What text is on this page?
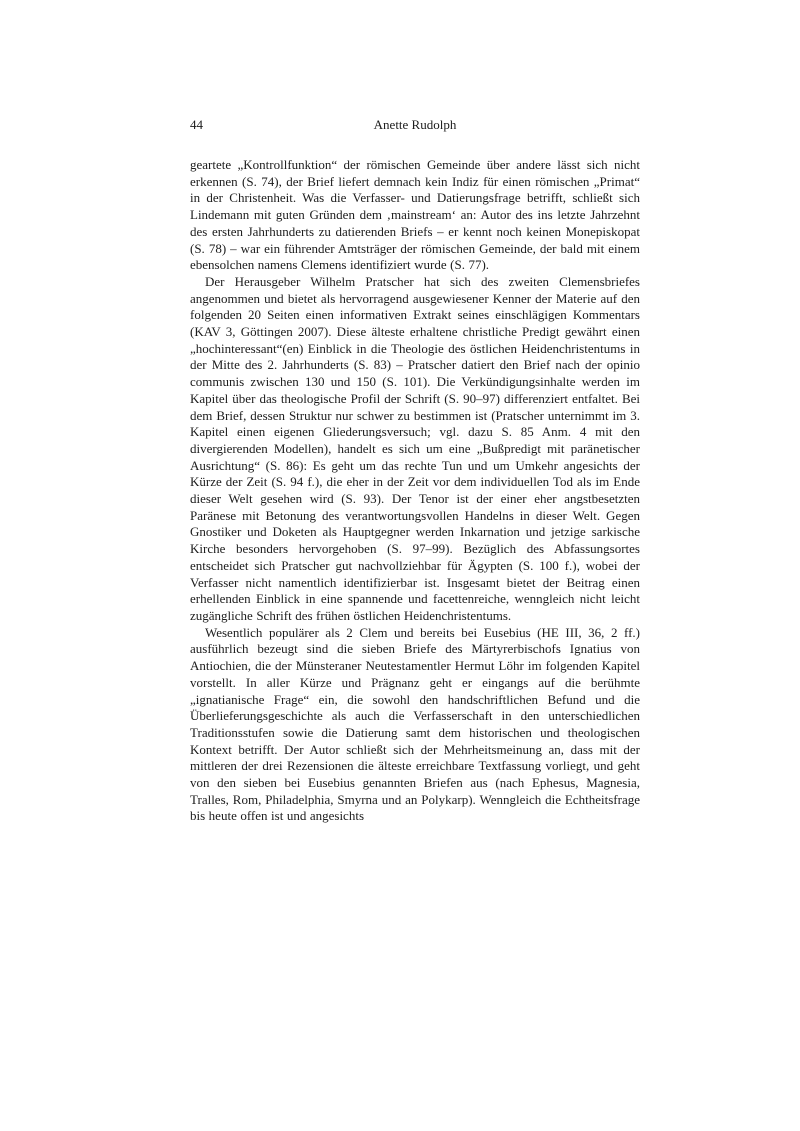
44	Anette Rudolph

geartete „Kontrollfunktion“ der römischen Gemeinde über andere lässt sich nicht erkennen (S. 74), der Brief liefert demnach kein Indiz für einen römischen „Primat“ in der Christenheit. Was die Verfasser- und Datierungsfrage betrifft, schließt sich Lindemann mit guten Gründen dem ‚mainstream‘ an: Autor des ins letzte Jahrzehnt des ersten Jahrhunderts zu datierenden Briefs – er kennt noch keinen Monepiskopat (S. 78) – war ein führender Amtsträger der römischen Gemeinde, der bald mit einem ebensolchen namens Clemens identifiziert wurde (S. 77).

Der Herausgeber Wilhelm Pratscher hat sich des zweiten Clemensbriefes angenommen und bietet als hervorragend ausgewiesener Kenner der Materie auf den folgenden 20 Seiten einen informativen Extrakt seines einschlägigen Kommentars (KAV 3, Göttingen 2007). Diese älteste erhaltene christliche Predigt gewährt einen „hochinteressant“(en) Einblick in die Theologie des östlichen Heidenchristentums in der Mitte des 2. Jahrhunderts (S. 83) – Pratscher datiert den Brief nach der opinio communis zwischen 130 und 150 (S. 101). Die Verkündigungsinhalte werden im Kapitel über das theologische Profil der Schrift (S. 90–97) differenziert entfaltet. Bei dem Brief, dessen Struktur nur schwer zu bestimmen ist (Pratscher unternimmt im 3. Kapitel einen eigenen Gliederungsversuch; vgl. dazu S. 85 Anm. 4 mit den divergierenden Modellen), handelt es sich um eine „Bußpredigt mit paränetischer Ausrichtung“ (S. 86): Es geht um das rechte Tun und um Umkehr angesichts der Kürze der Zeit (S. 94 f.), die eher in der Zeit vor dem individuellen Tod als im Ende dieser Welt gesehen wird (S. 93). Der Tenor ist der einer eher angstbesetzten Paränese mit Betonung des verantwortungsvollen Handelns in dieser Welt. Gegen Gnostiker und Doketen als Hauptgegner werden Inkarnation und jetzige sarkische Kirche besonders hervorgehoben (S. 97–99). Bezüglich des Abfassungsortes entscheidet sich Pratscher gut nachvollziehbar für Ägypten (S. 100 f.), wobei der Verfasser nicht namentlich identifizierbar ist. Insgesamt bietet der Beitrag einen erhellenden Einblick in eine spannende und facettenreiche, wenngleich nicht leicht zugängliche Schrift des frühen östlichen Heidenchristentums.

Wesentlich populärer als 2 Clem und bereits bei Eusebius (HE III, 36, 2 ff.) ausführlich bezeugt sind die sieben Briefe des Märtyrerbischofs Ignatius von Antiochien, die der Münsteraner Neutestamentler Hermut Löhr im folgenden Kapitel vorstellt. In aller Kürze und Prägnanz geht er eingangs auf die berühmte „ignatianische Frage“ ein, die sowohl den handschriftlichen Befund und die Überlieferungsgeschichte als auch die Verfasserschaft in den unterschiedlichen Traditionsstufen sowie die Datierung samt dem historischen und theologischen Kontext betrifft. Der Autor schließt sich der Mehrheitsmeinung an, dass mit der mittleren der drei Rezensionen die älteste erreichbare Textfassung vorliegt, und geht von den sieben bei Eusebius genannten Briefen aus (nach Ephesus, Magnesia, Tralles, Rom, Philadelphia, Smyrna und an Polykarp). Wenngleich die Echtheitsfrage bis heute offen ist und angesichts
